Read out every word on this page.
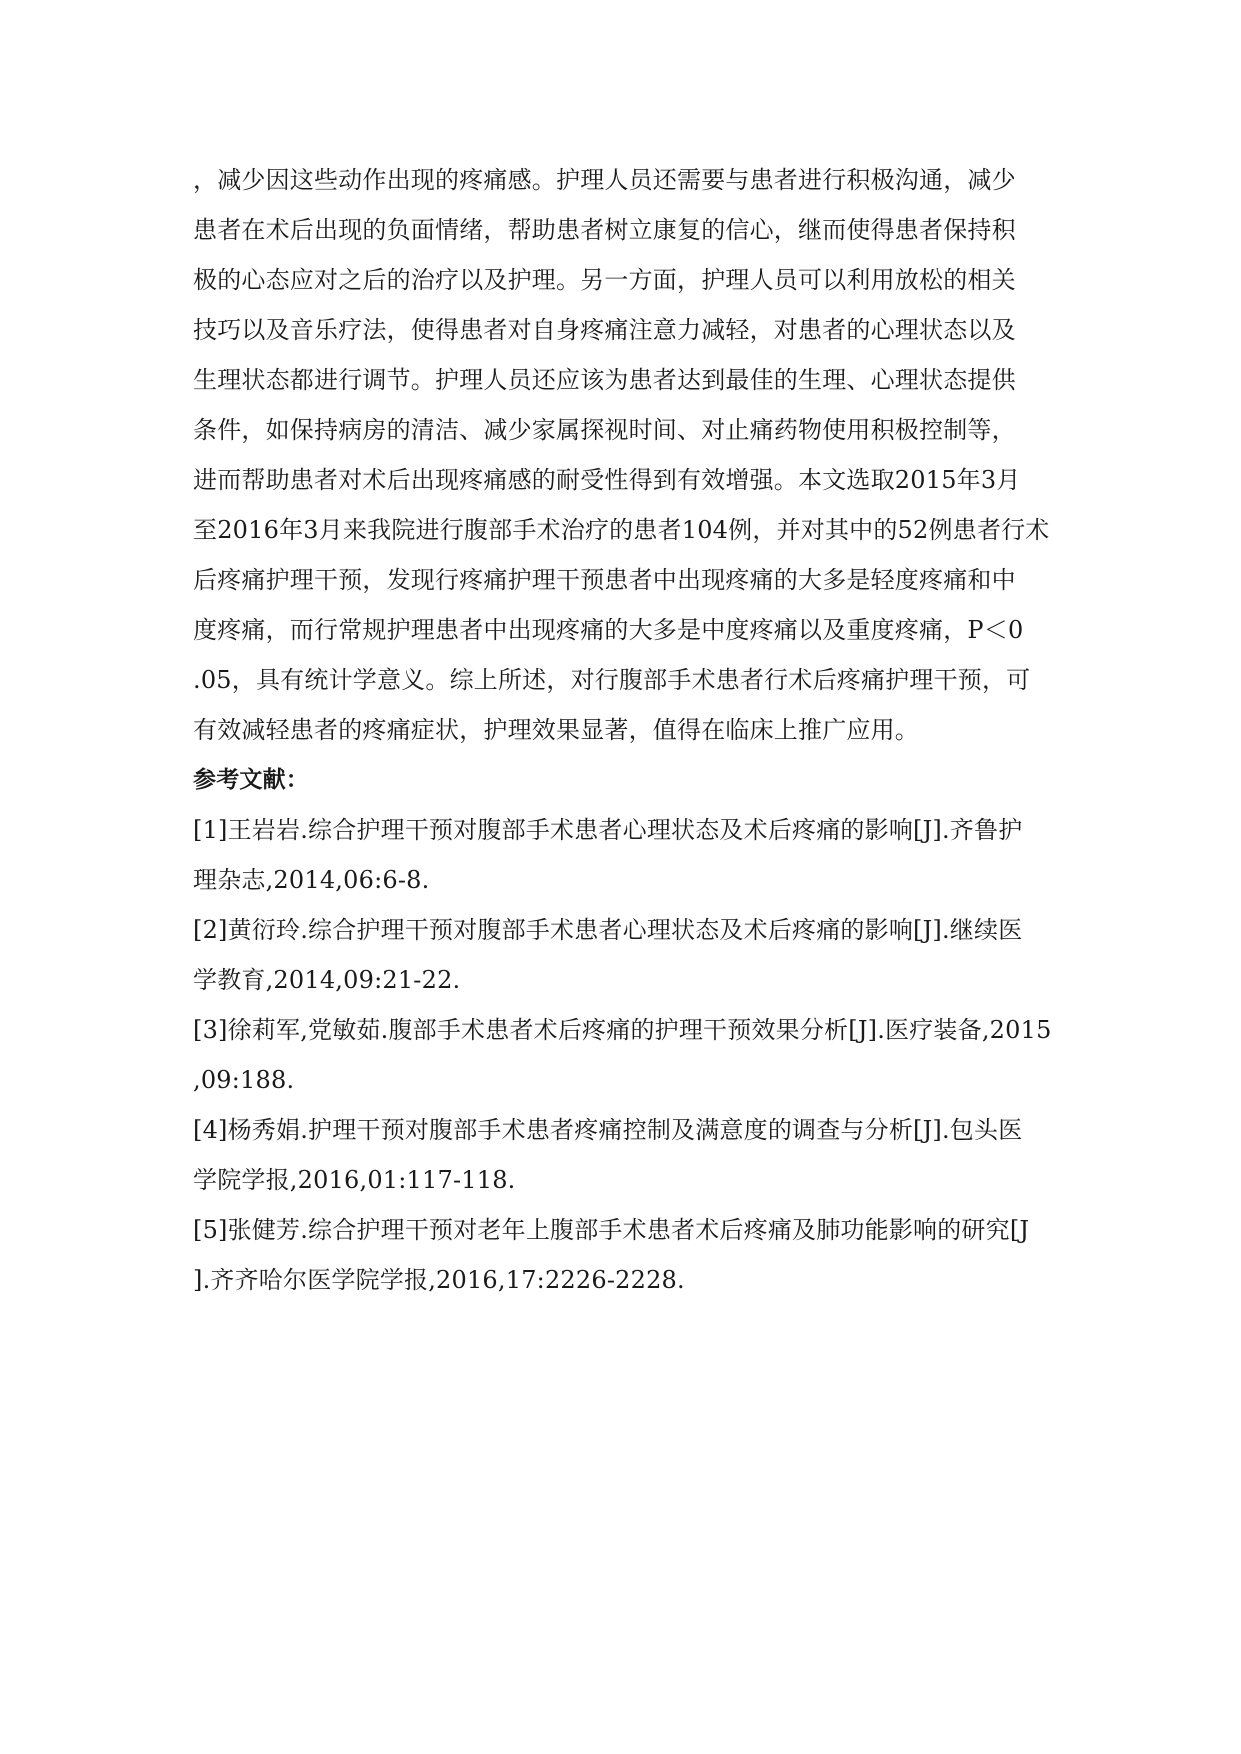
，减少因这些动作出现的疼痛感。护理人员还需要与患者进行积极沟通，减少
患者在术后出现的负面情绪，帮助患者树立康复的信心，继而使得患者保持积
极的心态应对之后的治疗以及护理。另一方面，护理人员可以利用放松的相关
技巧以及音乐疗法，使得患者对自身疼痛注意力减轻，对患者的心理状态以及
生理状态都进行调节。护理人员还应该为患者达到最佳的生理、心理状态提供
条件，如保持病房的清洁、减少家属探视时间、对止痛药物使用积极控制等，
进而帮助患者对术后出现疼痛感的耐受性得到有效增强。本文选取2015年3月
至2016年3月来我院进行腹部手术治疗的患者104例，并对其中的52例患者行术
后疼痛护理干预，发现行疼痛护理干预患者中出现疼痛的大多是轻度疼痛和中
度疼痛，而行常规护理患者中出现疼痛的大多是中度疼痛以及重度疼痛，P＜0
.05，具有统计学意义。综上所述，对行腹部手术患者行术后疼痛护理干预，可
有效减轻患者的疼痛症状，护理效果显著，值得在临床上推广应用。
参考文献：
[1]王岩岩.综合护理干预对腹部手术患者心理状态及术后疼痛的影响[J].齐鲁护
理杂志,2014,06:6-8.
[2]黄衍玲.综合护理干预对腹部手术患者心理状态及术后疼痛的影响[J].继续医
学教育,2014,09:21-22.
[3]徐莉军,党敏茹.腹部手术患者术后疼痛的护理干预效果分析[J].医疗装备,2015
,09:188.
[4]杨秀娟.护理干预对腹部手术患者疼痛控制及满意度的调查与分析[J].包头医
学院学报,2016,01:117-118.
[5]张健芳.综合护理干预对老年上腹部手术患者术后疼痛及肺功能影响的研究[J
].齐齐哈尔医学院学报,2016,17:2226-2228.
